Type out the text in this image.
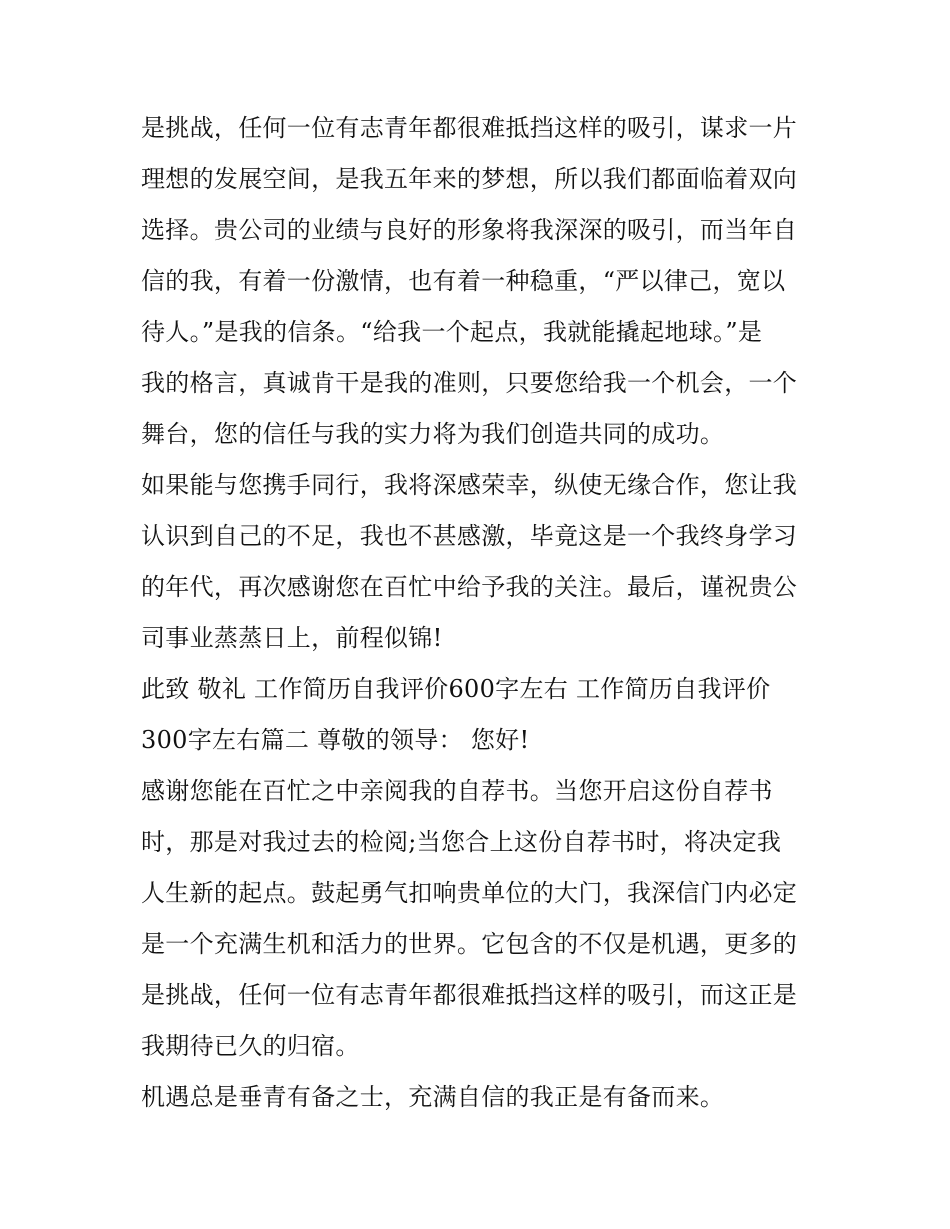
是挑战，任何一位有志青年都很难抵挡这样的吸引，谋求一片
理想的发展空间，是我五年来的梦想，所以我们都面临着双向
选择。贵公司的业绩与良好的形象将我深深的吸引，而当年自
信的我，有着一份激情，也有着一种稳重，“严以律己，宽以
待人。”是我的信条。“给我一个起点，我就能撬起地球。”是
我的格言，真诚肯干是我的准则，只要您给我一个机会，一个
舞台，您的信任与我的实力将为我们创造共同的成功。
如果能与您携手同行，我将深感荣幸，纵使无缘合作，您让我
认识到自己的不足，我也不甚感激，毕竟这是一个我终身学习
的年代，再次感谢您在百忙中给予我的关注。最后，谨祝贵公
司事业蒸蒸日上，前程似锦!
此致 敬礼 工作简历自我评价600字左右 工作简历自我评价
300字左右篇二 尊敬的领导： 您好!
感谢您能在百忙之中亲阅我的自荐书。当您开启这份自荐书
时，那是对我过去的检阅;当您合上这份自荐书时，将决定我
人生新的起点。鼓起勇气扣响贵单位的大门，我深信门内必定
是一个充满生机和活力的世界。它包含的不仅是机遇，更多的
是挑战，任何一位有志青年都很难抵挡这样的吸引，而这正是
我期待已久的归宿。
机遇总是垂青有备之士，充满自信的我正是有备而来。
